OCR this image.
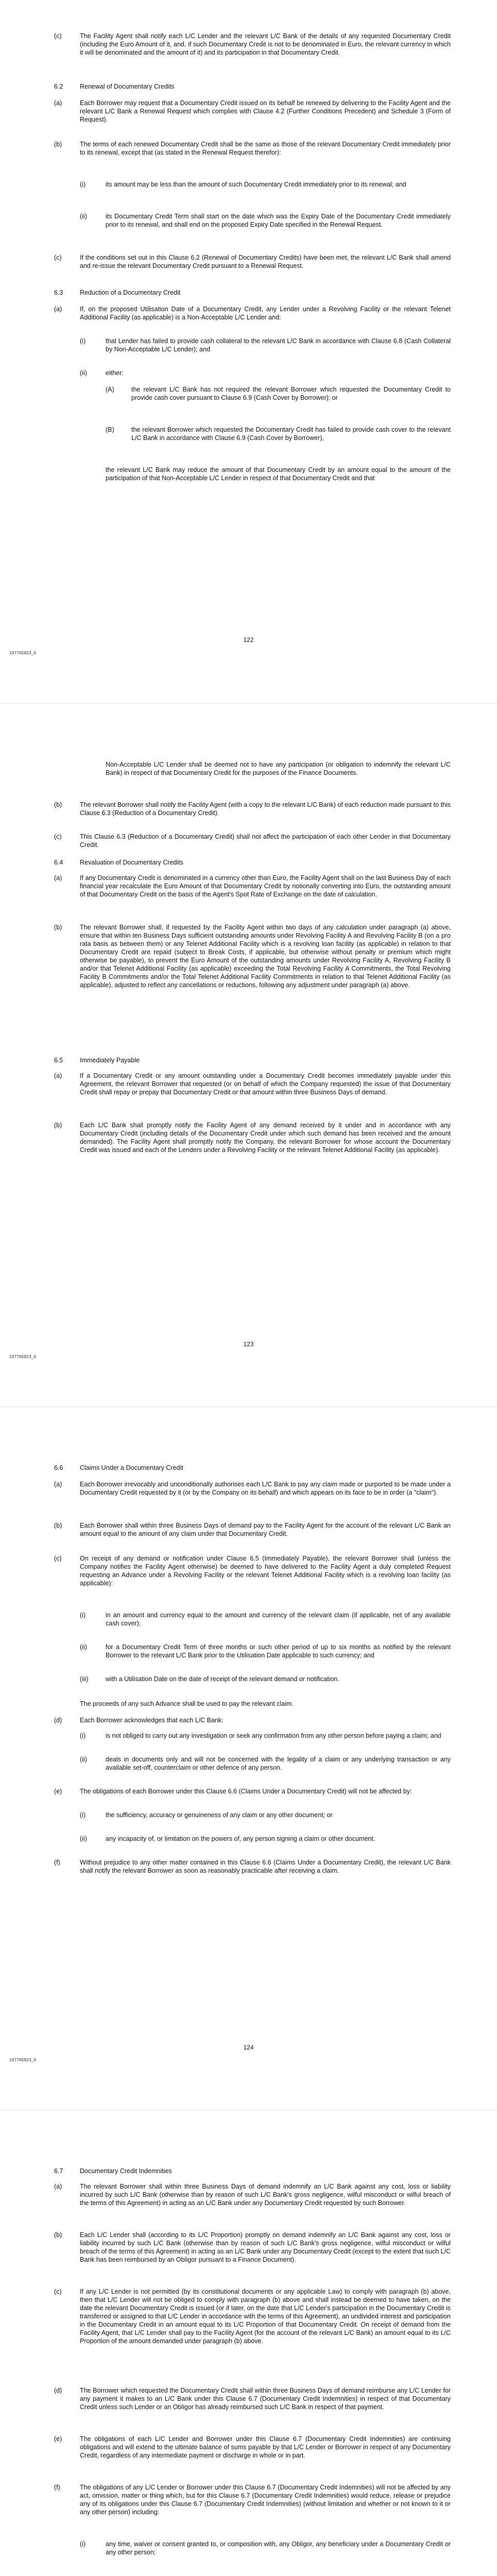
(c)	The Facility Agent shall notify each L/C Lender and the relevant L/C Bank of the details of any requested Documentary Credit (including the Euro Amount of it, and, if such Documentary Credit is not to be denominated in Euro, the relevant currency in which it will be denominated and the amount of it) and its participation in that Documentary Credit.
6.2	Renewal of Documentary Credits
(a)	Each Borrower may request that a Documentary Credit issued on its behalf be renewed by delivering to the Facility Agent and the relevant L/C Bank a Renewal Request which complies with Clause 4.2 (Further Conditions Precedent) and Schedule 3 (Form of Request).
(b)	The terms of each renewed Documentary Credit shall be the same as those of the relevant Documentary Credit immediately prior to its renewal, except that (as stated in the Renewal Request therefor):
(i)	its amount may be less than the amount of such Documentary Credit immediately prior to its renewal; and
(ii)	its Documentary Credit Term shall start on the date which was the Expiry Date of the Documentary Credit immediately prior to its renewal, and shall end on the proposed Expiry Date specified in the Renewal Request.
(c)	If the conditions set out in this Clause 6.2 (Renewal of Documentary Credits) have been met, the relevant L/C Bank shall amend and re-issue the relevant Documentary Credit pursuant to a Renewal Request.
6.3	Reduction of a Documentary Credit
(a)	If, on the proposed Utilisation Date of a Documentary Credit, any Lender under a Revolving Facility or the relevant Telenet Additional Facility (as applicable) is a Non-Acceptable L/C Lender and:
(i)	that Lender has failed to provide cash collateral to the relevant L/C Bank in accordance with Clause 6.8 (Cash Collateral by Non-Acceptable L/C Lender); and
(ii)	either:
(A)	the relevant L/C Bank has not required the relevant Borrower which requested the Documentary Credit to provide cash cover pursuant to Clause 6.9 (Cash Cover by Borrower); or
(B)	the relevant Borrower which requested the Documentary Credit has failed to provide cash cover to the relevant L/C Bank in accordance with Clause 6.9 (Cash Cover by Borrower),
the relevant L/C Bank may reduce the amount of that Documentary Credit by an amount equal to the amount of the participation of that Non-Acceptable L/C Lender in respect of that Documentary Credit and that
122
197765823_6
Non-Acceptable L/C Lender shall be deemed not to have any participation (or obligation to indemnify the relevant L/C Bank) in respect of that Documentary Credit for the purposes of the Finance Documents.
(b)	The relevant Borrower shall notify the Facility Agent (with a copy to the relevant L/C Bank) of each reduction made pursuant to this Clause 6.3 (Reduction of a Documentary Credit).
(c)	This Clause 6.3 (Reduction of a Documentary Credit) shall not affect the participation of each other Lender in that Documentary Credit.
6.4	Revaluation of Documentary Credits
(a)	If any Documentary Credit is denominated in a currency other than Euro, the Facility Agent shall on the last Business Day of each financial year recalculate the Euro Amount of that Documentary Credit by notionally converting into Euro, the outstanding amount of that Documentary Credit on the basis of the Agent's Spot Rate of Exchange on the date of calculation.
(b)	The relevant Borrower shall, if requested by the Facility Agent within two days of any calculation under paragraph (a) above, ensure that within ten Business Days sufficient outstanding amounts under Revolving Facility A and Revolving Facility B (on a pro rata basis as between them) or any Telenet Additional Facility which is a revolving loan facility (as applicable) in relation to that Documentary Credit are repaid (subject to Break Costs, if applicable, but otherwise without penalty or premium which might otherwise be payable), to prevent the Euro Amount of the outstanding amounts under Revolving Facility A, Revolving Facility B and/or that Telenet Additional Facility (as applicable) exceeding the Total Revolving Facility A Commitments, the Total Revolving Facility B Commitments and/or the Total Telenet Additional Facility Commitments in relation to that Telenet Additional Facility (as applicable), adjusted to reflect any cancellations or reductions, following any adjustment under paragraph (a) above.
6.5	Immediately Payable
(a)	If a Documentary Credit or any amount outstanding under a Documentary Credit becomes immediately payable under this Agreement, the relevant Borrower that requested (or on behalf of which the Company requested) the issue of that Documentary Credit shall repay or prepay that Documentary Credit or that amount within three Business Days of demand.
(b)	Each L/C Bank shall promptly notify the Facility Agent of any demand received by it under and in accordance with any Documentary Credit (including details of the Documentary Credit under which such demand has been received and the amount demanded). The Facility Agent shall promptly notify the Company, the relevant Borrower for whose account the Documentary Credit was issued and each of the Lenders under a Revolving Facility or the relevant Telenet Additional Facility (as applicable).
123
197765823_6
6.6	Claims Under a Documentary Credit
(a)	Each Borrower irrevocably and unconditionally authorises each L/C Bank to pay any claim made or purported to be made under a Documentary Credit requested by it (or by the Company on its behalf) and which appears on its face to be in order (a "claim").
(b)	Each Borrower shall within three Business Days of demand pay to the Facility Agent for the account of the relevant L/C Bank an amount equal to the amount of any claim under that Documentary Credit.
(c)	On receipt of any demand or notification under Clause 6.5 (Immediately Payable), the relevant Borrower shall (unless the Company notifies the Facility Agent otherwise) be deemed to have delivered to the Facility Agent a duly completed Request requesting an Advance under a Revolving Facility or the relevant Telenet Additional Facility which is a revolving loan facility (as applicable):
(i)	in an amount and currency equal to the amount and currency of the relevant claim (if applicable, net of any available cash cover);
(ii)	for a Documentary Credit Term of three months or such other period of up to six months as notified by the relevant Borrower to the relevant L/C Bank prior to the Utilisation Date applicable to such currency; and
(iii)	with a Utilisation Date on the date of receipt of the relevant demand or notification.
The proceeds of any such Advance shall be used to pay the relevant claim.
(d)	Each Borrower acknowledges that each L/C Bank:
(i)	is not obliged to carry out any investigation or seek any confirmation from any other person before paying a claim; and
(ii)	deals in documents only and will not be concerned with the legality of a claim or any underlying transaction or any available set-off, counterclaim or other defence of any person.
(e)	The obligations of each Borrower under this Clause 6.6 (Claims Under a Documentary Credit) will not be affected by:
(i)	the sufficiency, accuracy or genuineness of any claim or any other document; or
(ii)	any incapacity of, or limitation on the powers of, any person signing a claim or other document.
(f)	Without prejudice to any other matter contained in this Clause 6.6 (Claims Under a Documentary Credit), the relevant L/C Bank shall notify the relevant Borrower as soon as reasonably practicable after receiving a claim.
124
197765823_6
6.7	Documentary Credit Indemnities
(a)	The relevant Borrower shall within three Business Days of demand indemnify an L/C Bank against any cost, loss or liability incurred by such L/C Bank (otherwise than by reason of such L/C Bank's gross negligence, wilful misconduct or wilful breach of the terms of this Agreement) in acting as an L/C Bank under any Documentary Credit requested by such Borrower.
(b)	Each L/C Lender shall (according to its L/C Proportion) promptly on demand indemnify an L/C Bank against any cost, loss or liability incurred by such L/C Bank (otherwise than by reason of such L/C Bank's gross negligence, wilful misconduct or wilful breach of the terms of this Agreement) in acting as an L/C Bank under any Documentary Credit (except to the extent that such L/C Bank has been reimbursed by an Obligor pursuant to a Finance Document).
(c)	If any L/C Lender is not permitted (by its constitutional documents or any applicable Law) to comply with paragraph (b) above, then that L/C Lender will not be obliged to comply with paragraph (b) above and shall instead be deemed to have taken, on the date the relevant Documentary Credit is issued (or if later, on the date that L/C Lender's participation in the Documentary Credit is transferred or assigned to that L/C Lender in accordance with the terms of this Agreement), an undivided interest and participation in the Documentary Credit in an amount equal to its L/C Proportion of that Documentary Credit. On receipt of demand from the Facility Agent, that L/C Lender shall pay to the Facility Agent (for the account of the relevant L/C Bank) an amount equal to its L/C Proportion of the amount demanded under paragraph (b) above.
(d)	The Borrower which requested the Documentary Credit shall within three Business Days of demand reimburse any L/C Lender for any payment it makes to an L/C Bank under this Clause 6.7 (Documentary Credit Indemnities) in respect of that Documentary Credit unless such Lender or an Obligor has already reimbursed such L/C Bank in respect of that payment.
(e)	The obligations of each L/C Lender and Borrower under this Clause 6.7 (Documentary Credit Indemnities) are continuing obligations and will extend to the ultimate balance of sums payable by that L/C Lender or Borrower in respect of any Documentary Credit, regardless of any intermediate payment or discharge in whole or in part.
(f)	The obligations of any L/C Lender or Borrower under this Clause 6.7 (Documentary Credit Indemnities) will not be affected by any act, omission, matter or thing which, but for this Clause 6.7 (Documentary Credit Indemnities) would reduce, release or prejudice any of its obligations under this Clause 6.7 (Documentary Credit Indemnities) (without limitation and whether or not known to it or any other person) including:
(i)	any time, waiver or consent granted to, or composition with, any Obligor, any beneficiary under a Documentary Credit or any other person;
